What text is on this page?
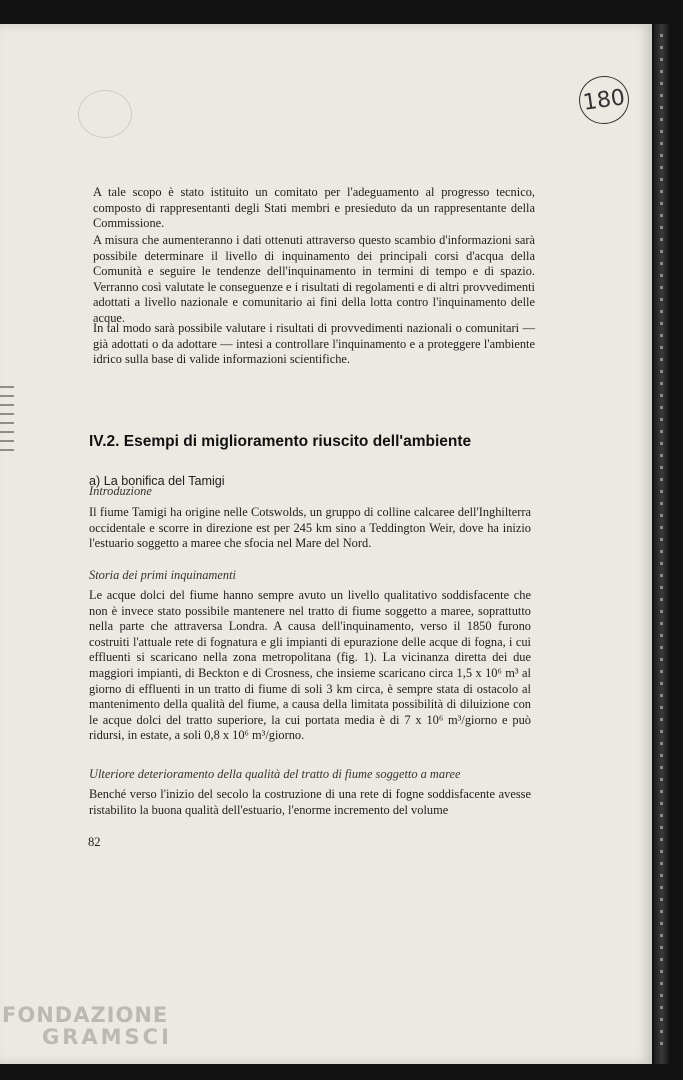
180

A tale scopo è stato istituito un comitato per l'adeguamento al progresso tecnico, composto di rappresentanti degli Stati membri e presieduto da un rappresentante della Commissione.

A misura che aumenteranno i dati ottenuti attraverso questo scambio d'informazioni sarà possibile determinare il livello di inquinamento dei principali corsi d'acqua della Comunità e seguire le tendenze dell'inquinamento in termini di tempo e di spazio. Verranno così valutate le conseguenze e i risultati di regolamenti e di altri provvedimenti adottati a livello nazionale e comunitario ai fini della lotta contro l'inquinamento delle acque.

In tal modo sarà possibile valutare i risultati di provvedimenti nazionali o comunitari — già adottati o da adottare — intesi a controllare l'inquinamento e a proteggere l'ambiente idrico sulla base di valide informazioni scientifiche.

IV.2. Esempi di miglioramento riuscito dell'ambiente

a) La bonifica del Tamigi

Introduzione

Il fiume Tamigi ha origine nelle Cotswolds, un gruppo di colline calcaree dell'Inghilterra occidentale e scorre in direzione est per 245 km sino a Teddington Weir, dove ha inizio l'estuario soggetto a maree che sfocia nel Mare del Nord.

Storia dei primi inquinamenti

Le acque dolci del fiume hanno sempre avuto un livello qualitativo soddisfacente che non è invece stato possibile mantenere nel tratto di fiume soggetto a maree, soprattutto nella parte che attraversa Londra. A causa dell'inquinamento, verso il 1850 furono costruiti l'attuale rete di fognatura e gli impianti di epurazione delle acque di fogna, i cui effluenti si scaricano nella zona metropolitana (fig. 1). La vicinanza diretta dei due maggiori impianti, di Beckton e di Crosness, che insieme scaricano circa 1,5 x 10⁶ m³ al giorno di effluenti in un tratto di fiume di soli 3 km circa, è sempre stata di ostacolo al mantenimento della qualità del fiume, a causa della limitata possibilità di diluizione con le acque dolci del tratto superiore, la cui portata media è di 7 x 10⁶ m³/giorno e può ridursi, in estate, a soli 0,8 x 10⁶ m³/giorno.

Ulteriore deterioramento della qualità del tratto di fiume soggetto a maree

Benché verso l'inizio del secolo la costruzione di una rete di fogne soddisfacente avesse ristabilito la buona qualità dell'estuario, l'enorme incremento del volume

82
FONDAZIONE
GRAMSCI
